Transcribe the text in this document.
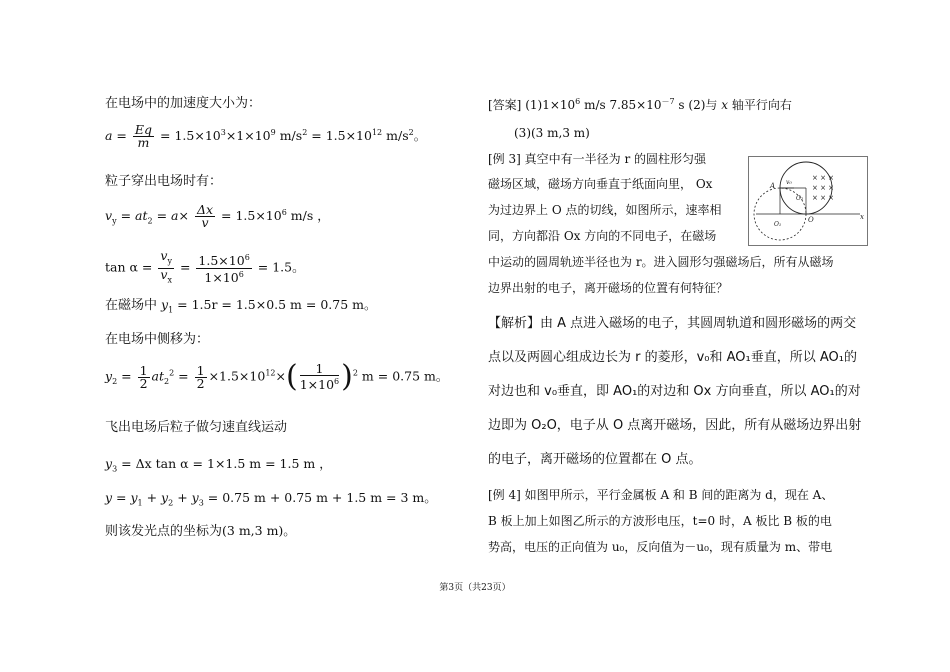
在电场中的加速度大小为：
$a = \frac{Eq}{m} = 1.5\times 10^3\times 1\times 10^9$ $m/s^2 = 1.5\times 10^{12}$ $m/s^2$。
粒子穿出电场时有：
$v_y = at_2 = a\times \frac{\Delta x}{v} = 1.5\times 10^6$ m/s ，
$\tan \alpha = \frac{v_y}{v_x} = \frac{1.5\times 10^6}{1\times 10^6} = 1.5$。
在磁场中 $y_1 = 1.5r = 1.5\times 0.5$ m = 0.75 m。
在电场中侧移为：
$y_2 = \frac{1}{2} at_2^2 = \frac{1}{2} \times 1.5\times 10^{12}\times( \frac{1}{1\times 10^6} )^2$ m = 0.75 m。
飞出电场后粒子做匀速直线运动
$y_3 = \Delta x$ tan α = 1×1.5 m = 1.5 m ，
$y = y_1 + y_2 + y_3 = 0.75$ m + 0.75 m + 1.5 m = 3 m。
则该发光点的坐标为(3 m,3 m)。
[答案] $(1)1\times 10^6$ m/s $7.85\times 10^{-7}$ s (2)与 x 轴平行向右
(3)(3 m,3 m)
[例 3] 真空中有一半径为 r 的圆柱形匀强
磁场区域，磁场方向垂直于纸面向里， Ox
为过边界上 O 点的切线，如图所示，速率相
同，方向都沿 Ox 方向的不同电子，在磁场
中运动的圆周轨迹半径也为 r。进入圆形匀强磁场后，所有从磁场
边界出射的电子，离开磁场的位置有何特征？
【解析】由 A 点进入磁场的电子，其圆周轨道和圆形磁场的两交
点以及两圆心组成边长为 r 的菱形，v₀和 AO₁垂直，所以 AO₁的
对边也和 v₀垂直，即 AO₁的对边和 Ox 方向垂直，所以 AO₁的对
边即为 O₂O，电子从 O 点离开磁场，因此，所有从磁场边界出射
的电子，离开磁场的位置都在 O 点。
[例 4] 如图甲所示，平行金属板 A 和 B 间的距离为 d，现在 A、
B 板上加上如图乙所示的方波形电压，t=0 时，A 板比 B 板的电
势高，电压的正向值为 u₀，反向值为－u₀，现有质量为 m、带电
× × ×
× × ×
× × ×
A v₀
O₂
O₁
O	x
第3页（共23页）
